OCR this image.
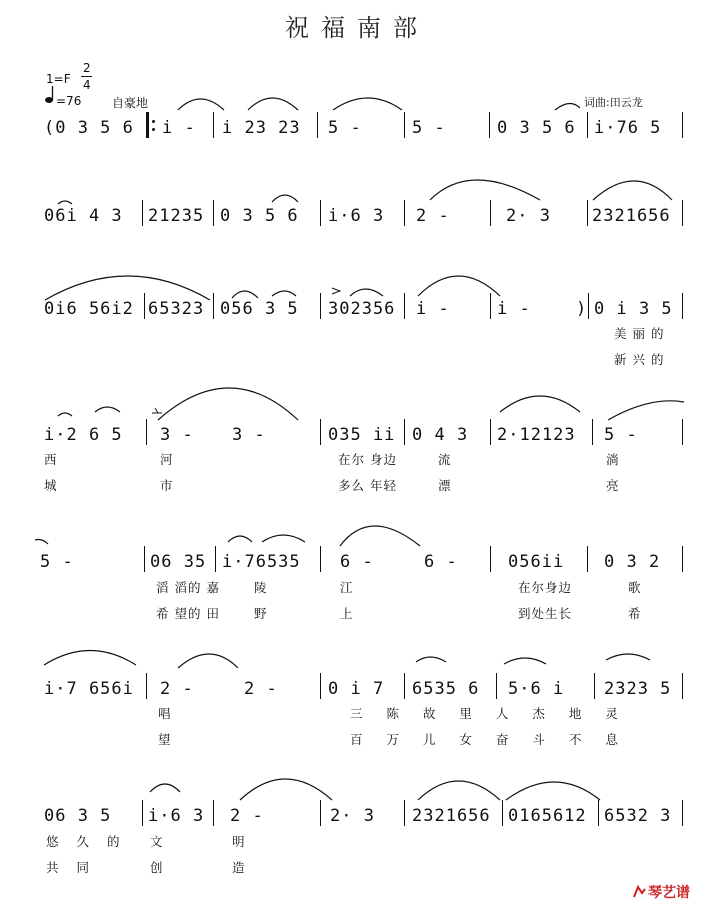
祝福南部
1=F
2
4
=76	自豪地	词曲:田云龙
(0 3 5 6 i - i 23 23 5 -	5 -	0 3 5 6 i·76 5
06i 4 3 21235 0 3 5 6 i·6 3 2 -	2· 3 2321656
0i6 56i2 65323 056 3 5 302356 i -	i -	) 0 i 3 5
美 丽 的
新 兴 的
i·2 6 5 3 - 3 -	035 ii 0 4 3 2·12123 5 -
西	河	在尔 身边	流	淌
城	市	多么 年轻	漂	亮
5 -	06 35 i·76535 6 -	6 -	056ii 0 3 2
滔 滔的 嘉	陵	江	在尔身边	歌
希 望的 田	野	上	到处生长	希
i·7 656i 2 -	2 -	0 i 7 6535 6 5·6 i 2323 5
唱	三 陈 故 里 人 杰 地 灵
望	百 万 儿 女 奋 斗 不 息
06 3 5 i·6 3 2 -	2· 3 2321656 0165612 6532 3
悠 久 的 文	明
共 同	创	造
琴艺谱
